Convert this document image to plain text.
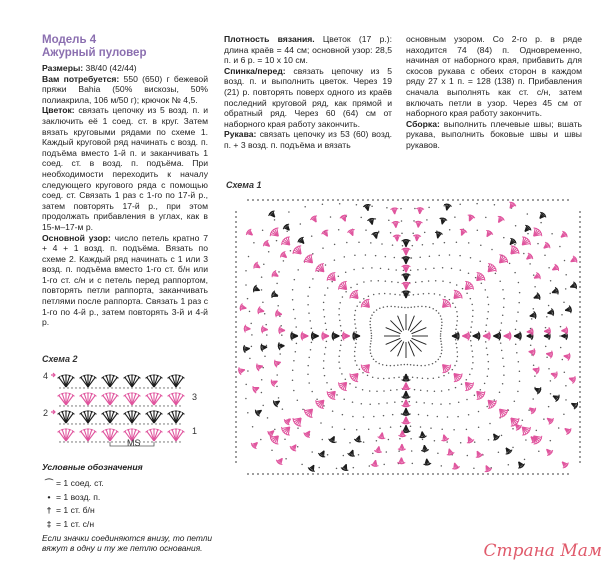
Модель 4
Ажурный пуловер

Размеры: 38/40 (42/44)

Вам потребуется: 550 (650) г бежевой пряжи Bahia (50% вискозы, 50% полиакрила, 106 м/50 г); крючок № 4,5.

Цветок: связать цепочку из 5 возд. п. и заключить её 1 соед. ст. в круг. Затем вязать круговыми рядами по схеме 1. Каждый круговой ряд начинать с возд. п. подъёма вместо 1-й п. и заканчивать 1 соед. ст. в возд. п. подъёма. При необходимости переходить к началу следующего кругового ряда с помощью соед. ст. Связать 1 раз с 1-го по 17-й р., затем повторять 17-й р., при этом продолжать прибавления в углах, как в 15-м–17-м р.

Основной узор: число петель кратно 7 + 4 + 1 возд. п. подъёма. Вязать по схеме 2. Каждый ряд начинать с 1 или 3 возд. п. подъёма вместо 1-го ст. б/н или 1-го ст. с/н и с петель перед раппортом, повторять петли раппорта, заканчивать петлями после раппорта. Связать 1 раз с 1-го по 4-й р., затем повторять 3-й и 4-й р.

Плотность вязания. Цветок (17 р.): длина краёв = 44 см; основной узор: 28,5 п. и 6 р. = 10 x 10 см.

Спинка/перед: связать цепочку из 5 возд. п. и выполнить цветок. Через 19 (21) р. повторять поверх одного из краёв последний круговой ряд, как прямой и обратный ряд. Через 60 (64) см от наборного края работу закончить.

Рукава: связать цепочку из 53 (60) возд. п. + 3 возд. п. подъёма и вязать

основным узором. Со 2-го р. в ряде находится 74 (84) п. Одновременно, начиная от наборного края, прибавить для скосов рукава с обеих сторон в каждом ряду 27 x 1 п. = 128 (138) п. Прибавления сначала выполнять как ст. с/н, затем включать петли в узор. Через 45 см от наборного края работу закончить.

Сборка: выполнить плечевые швы; вшать рукава, выполнить боковые швы и швы рукавов.

Схема 1
Схема 2
4
3
2
1
MS
Условные обозначения
⌒ = 1 соед. ст.
• = 1 возд. п.
† = 1 ст. б/н
‡ = 1 ст. с/н
Если значки соединяются внизу, то петли вяжут в одну и ту же петлю основания.	Страна Мам
